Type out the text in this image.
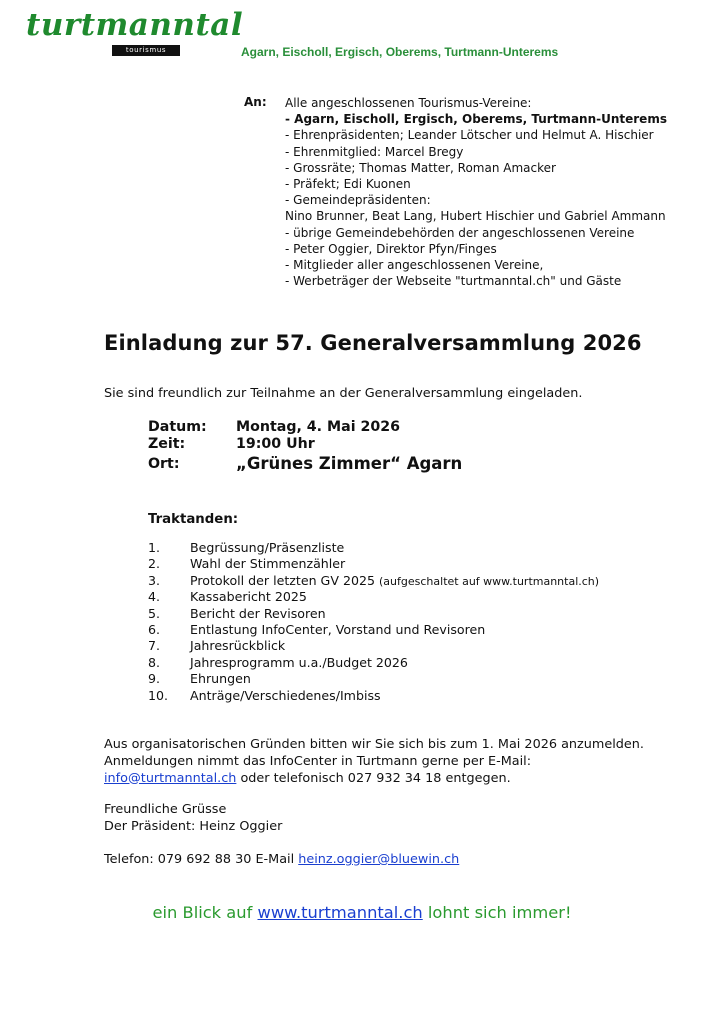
turtmanntal
tourismus	Agarn, Eischoll, Ergisch, Oberems, Turtmann-Unterems
An: Alle angeschlossenen Tourismus-Vereine:
- Agarn, Eischoll, Ergisch, Oberems, Turtmann-Unterems
- Ehrenpräsidenten; Leander Lötscher und Helmut A. Hischier
- Ehrenmitglied: Marcel Bregy
- Grossräte; Thomas Matter, Roman Amacker
- Präfekt; Edi Kuonen
- Gemeindepräsidenten:
Nino Brunner, Beat Lang, Hubert Hischier und Gabriel Ammann
- übrige Gemeindebehörden der angeschlossenen Vereine
- Peter Oggier, Direktor Pfyn/Finges
- Mitglieder aller angeschlossenen Vereine,
- Werbeträger der Webseite "turtmanntal.ch" und Gäste
Einladung zur 57. Generalversammlung 2026
Sie sind freundlich zur Teilnahme an der Generalversammlung eingeladen.
Datum: Montag, 4. Mai 2026
Zeit:	19:00 Uhr
Ort:	„Grünes Zimmer“ Agarn
Traktanden:
1. Begrüssung/Präsenzliste
2. Wahl der Stimmenzähler
3. Protokoll der letzten GV 2025 (aufgeschaltet auf www.turtmanntal.ch)
4. Kassabericht 2025
5. Bericht der Revisoren
6. Entlastung InfoCenter, Vorstand und Revisoren
7. Jahresrückblick
8. Jahresprogramm u.a./Budget 2026
9. Ehrungen
10. Anträge/Verschiedenes/Imbiss
Aus organisatorischen Gründen bitten wir Sie sich bis zum 1. Mai 2026 anzumelden.
Anmeldungen nimmt das InfoCenter in Turtmann gerne per E-Mail:
info@turtmanntal.ch oder telefonisch 027 932 34 18 entgegen.
Freundliche Grüsse
Der Präsident: Heinz Oggier
Telefon: 079 692 88 30 E-Mail heinz.oggier@bluewin.ch
ein Blick auf www.turtmanntal.ch lohnt sich immer!
